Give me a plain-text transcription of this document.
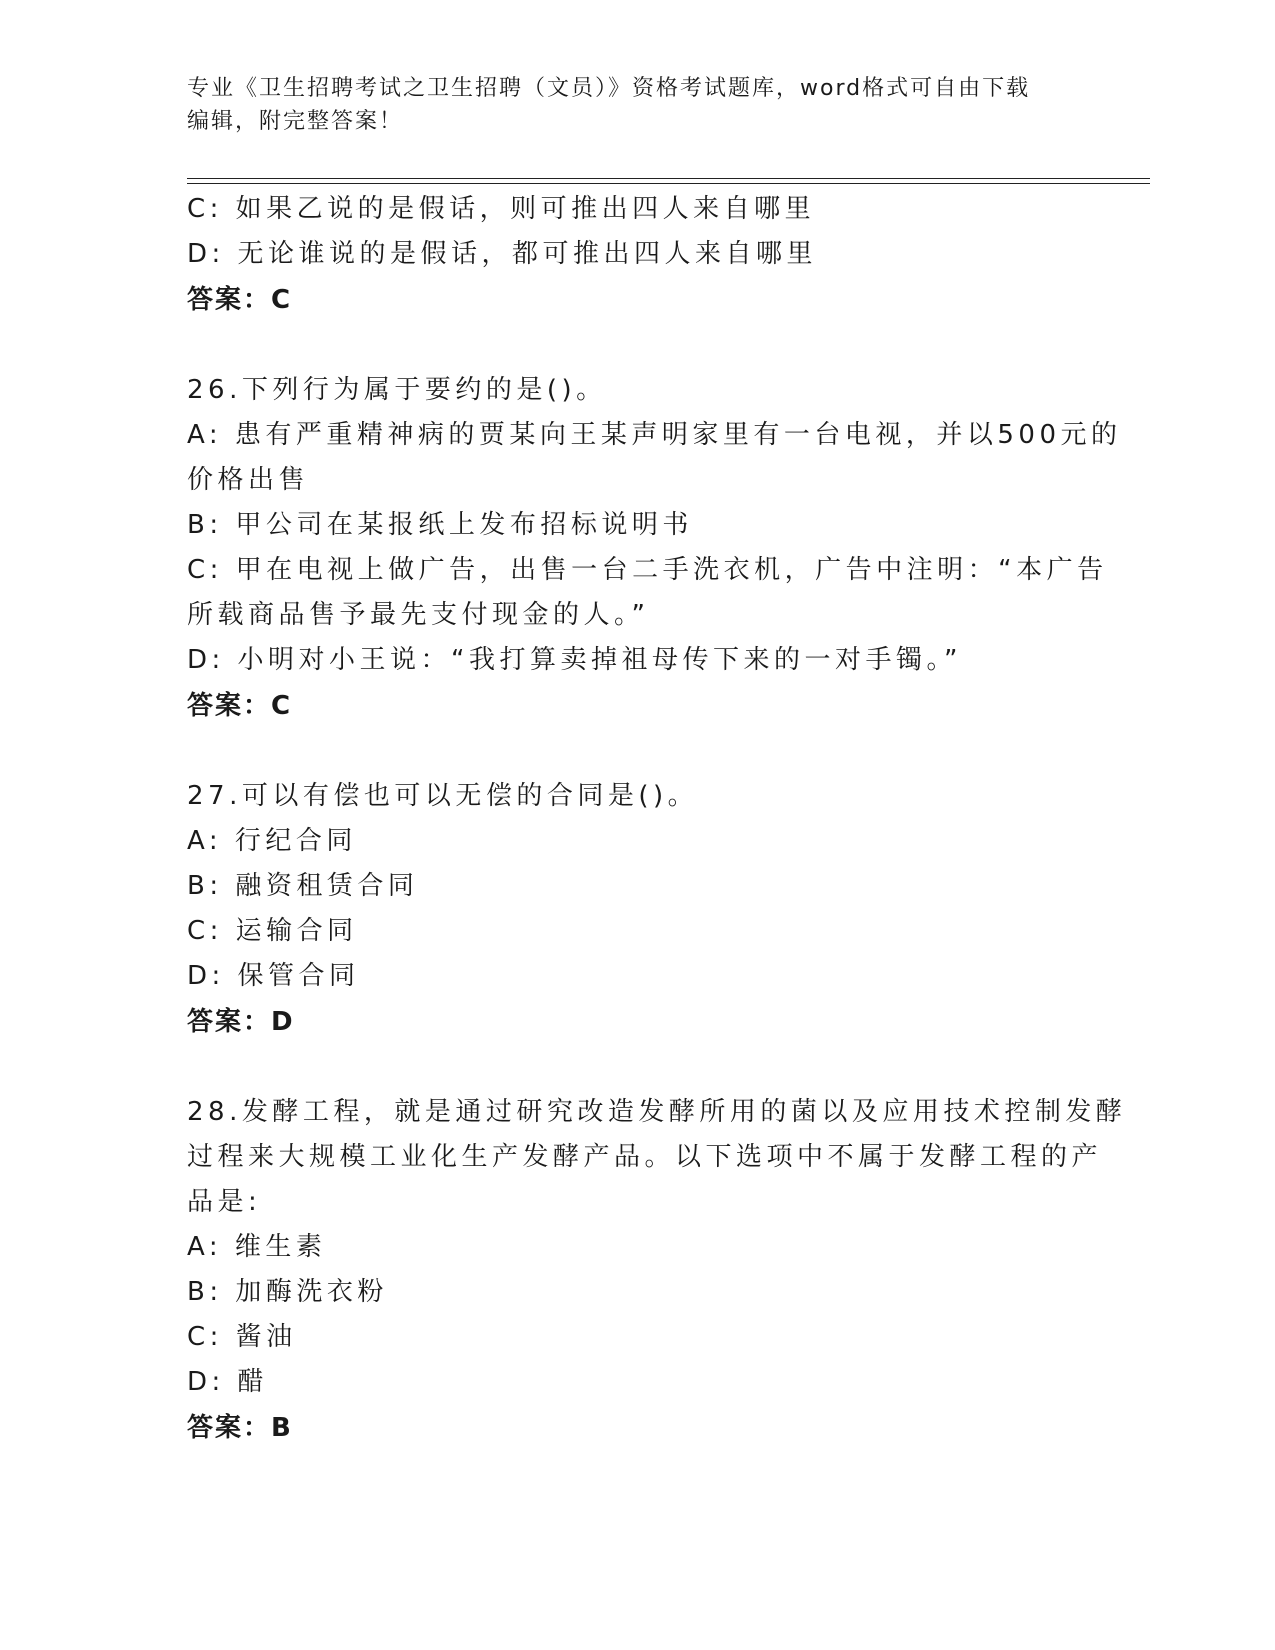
专业《卫生招聘考试之卫生招聘（文员）》资格考试题库，word格式可自由下载
编辑，附完整答案！
C: 如果乙说的是假话，则可推出四人来自哪里
D: 无论谁说的是假话，都可推出四人来自哪里
答案：C
26.下列行为属于要约的是()。
A: 患有严重精神病的贾某向王某声明家里有一台电视，并以500元的
价格出售
B: 甲公司在某报纸上发布招标说明书
C: 甲在电视上做广告，出售一台二手洗衣机，广告中注明：“本广告
所载商品售予最先支付现金的人。”
D: 小明对小王说：“我打算卖掉祖母传下来的一对手镯。”
答案：C
27.可以有偿也可以无偿的合同是()。
A: 行纪合同
B: 融资租赁合同
C: 运输合同
D: 保管合同
答案：D
28.发酵工程，就是通过研究改造发酵所用的菌以及应用技术控制发酵
过程来大规模工业化生产发酵产品。以下选项中不属于发酵工程的产
品是:
A: 维生素
B: 加酶洗衣粉
C: 酱油
D: 醋
答案：B
